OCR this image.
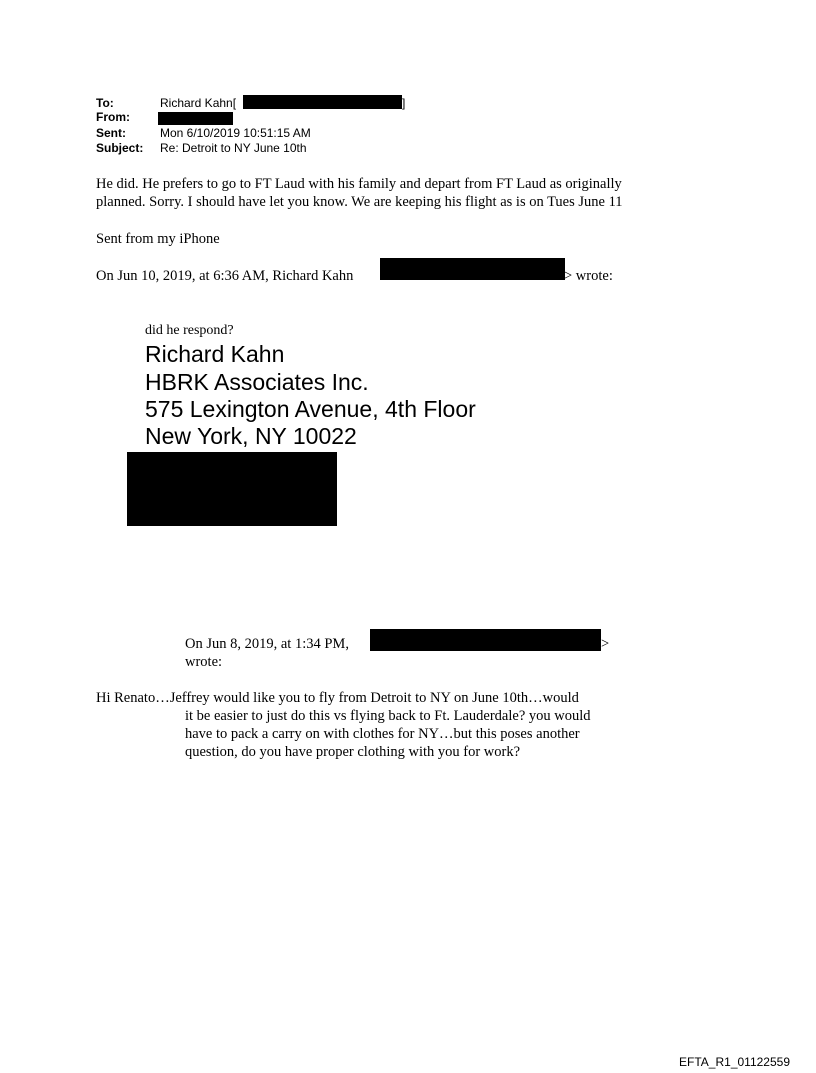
To:	Richard Kahn[	]
From:
Sent:	Mon 6/10/2019 10:51:15 AM
Subject: Re: Detroit to NY June 10th
He did. He prefers to go to FT Laud with his family and depart from FT Laud as originally
planned. Sorry. I should have let you know. We are keeping his flight as is on Tues June 11
Sent from my iPhone
On Jun 10, 2019, at 6:36 AM, Richard Kahn	> wrote:
did he respond?
Richard Kahn
HBRK Associates Inc.
575 Lexington Avenue, 4th Floor
New York, NY 10022
On Jun 8, 2019, at 1:34 PM,	>
wrote:
Hi Renato…Jeffrey would like you to fly from Detroit to NY on June 10th…would
it be easier to just do this vs flying back to Ft. Lauderdale? you would
have to pack a carry on with clothes for NY…but this poses another
question, do you have proper clothing with you for work?
EFTA_R1_01122559
